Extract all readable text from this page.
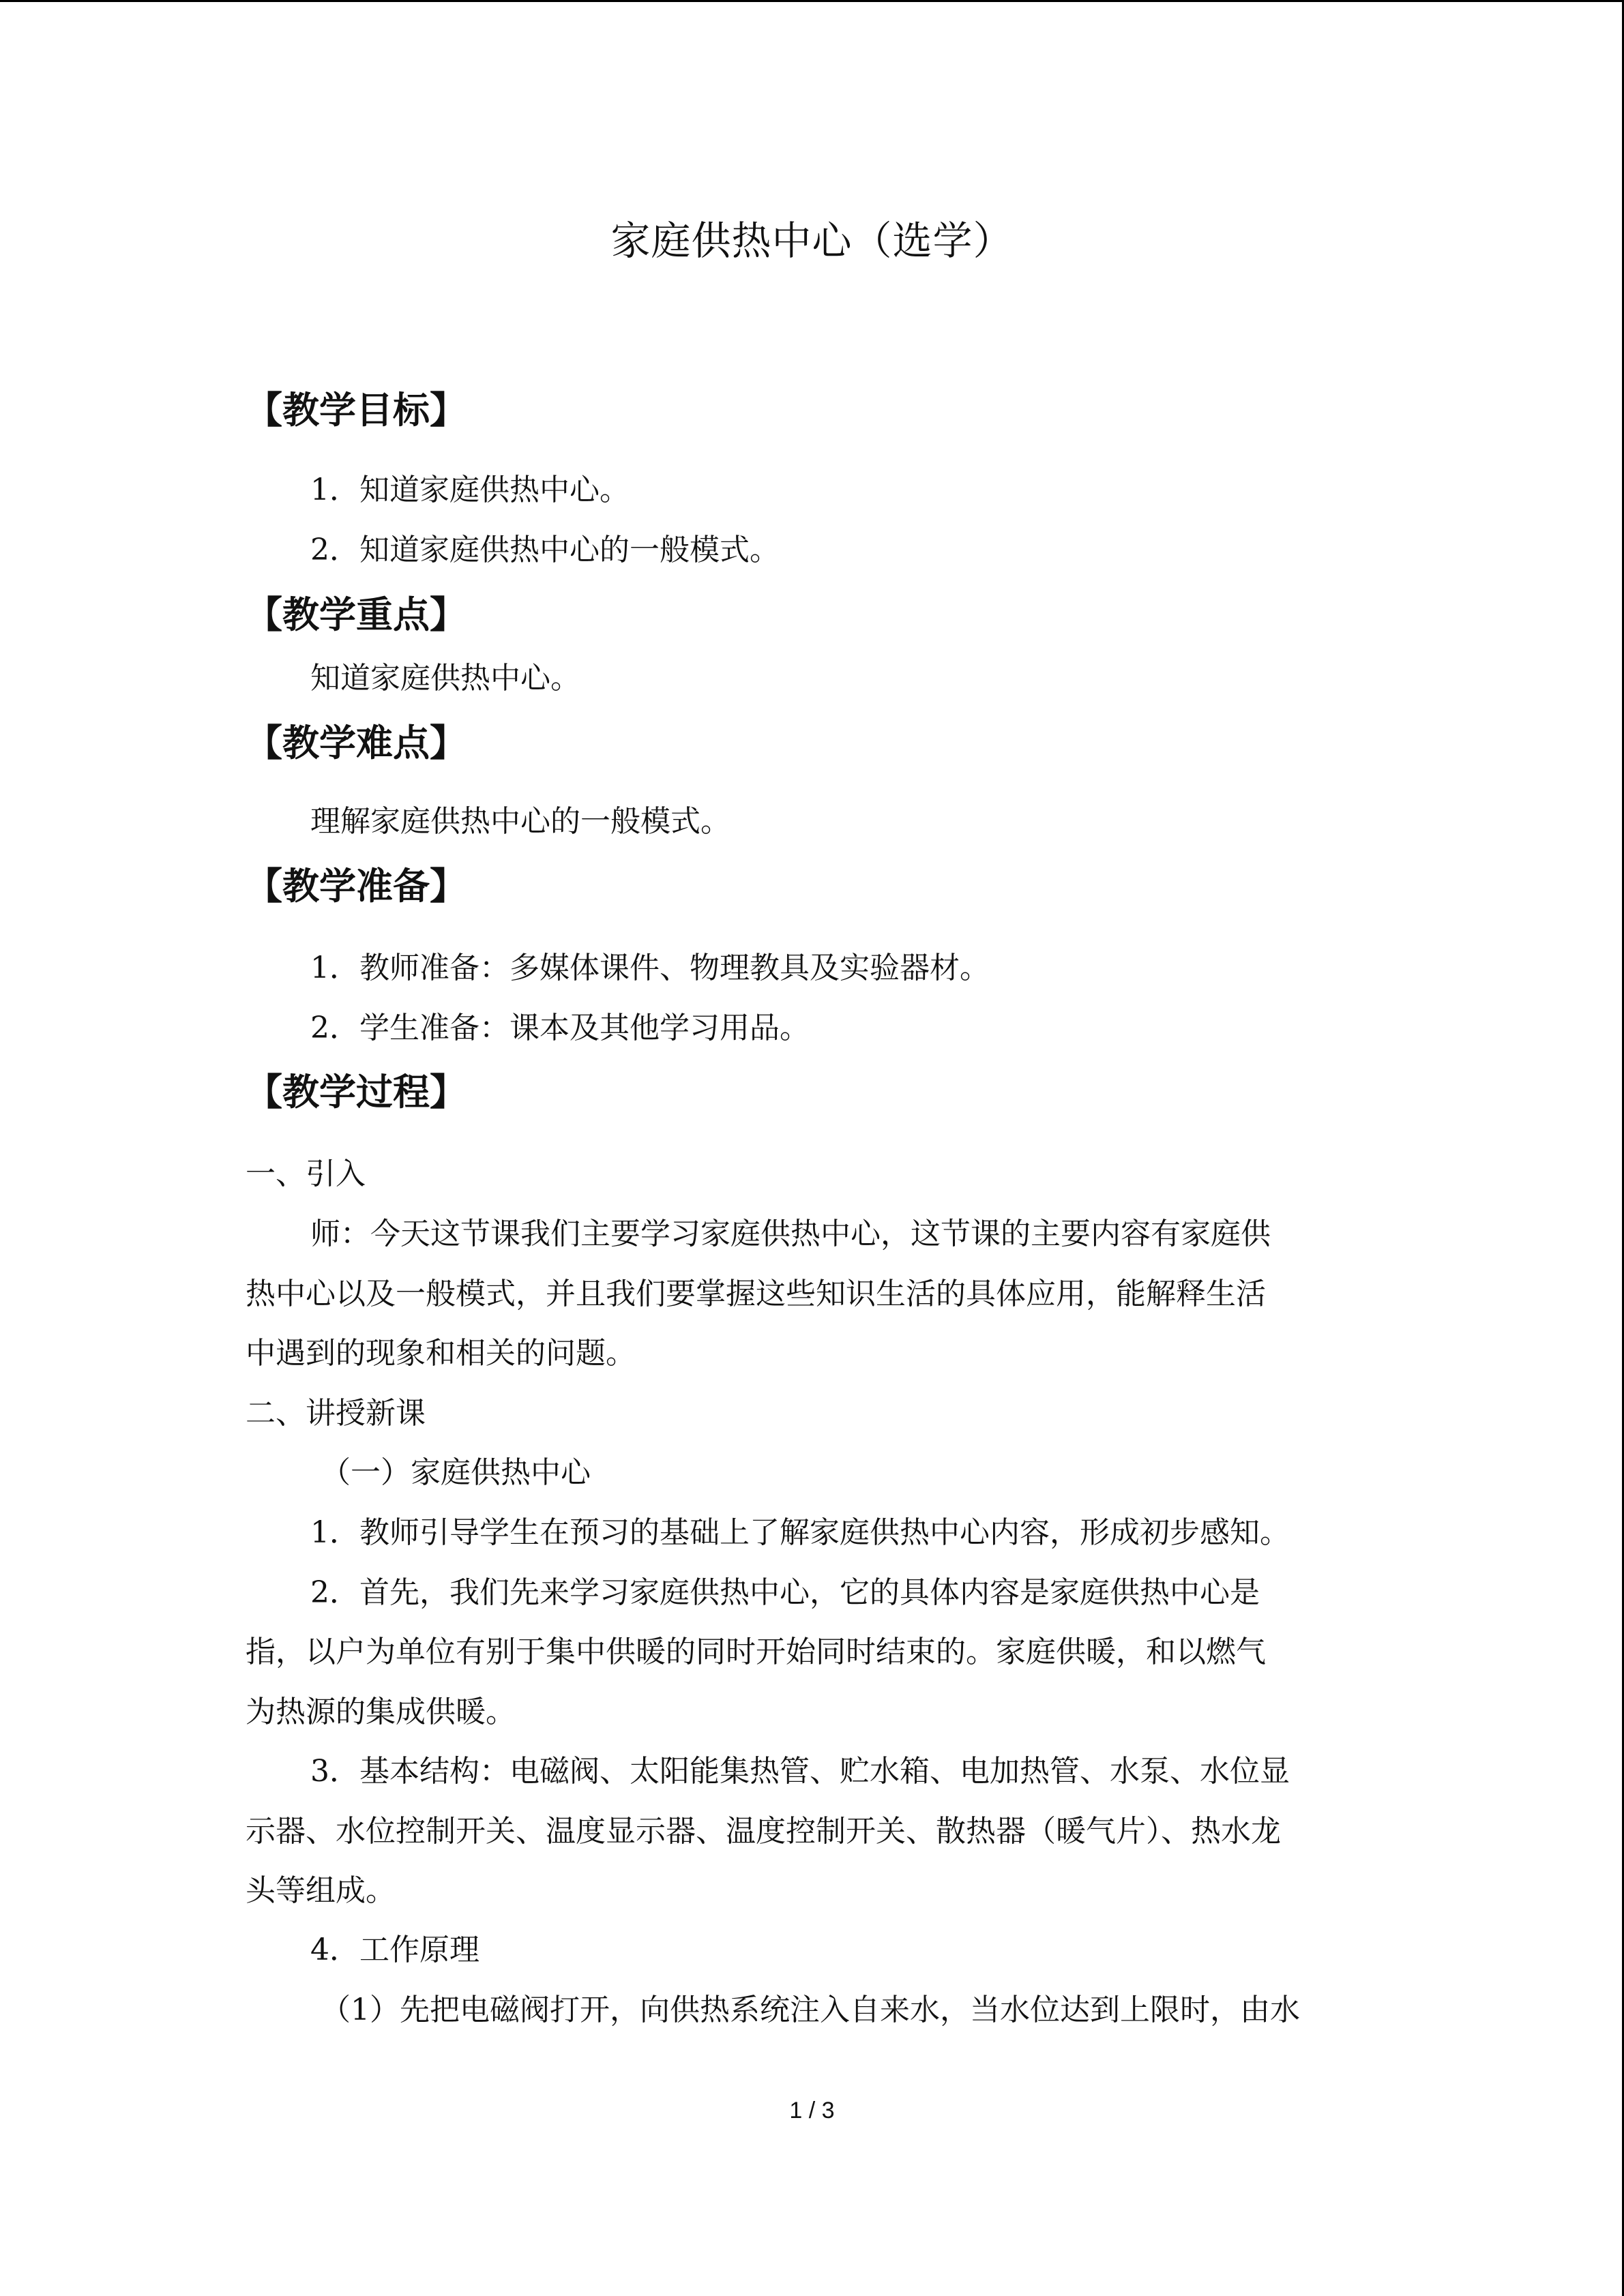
家庭供热中心（选学）
【教学目标】
1．知道家庭供热中心。
2．知道家庭供热中心的一般模式。
【教学重点】
知道家庭供热中心。
【教学难点】
理解家庭供热中心的一般模式。
【教学准备】
1．教师准备：多媒体课件、物理教具及实验器材。
2．学生准备：课本及其他学习用品。
【教学过程】
一、引入
师：今天这节课我们主要学习家庭供热中心，这节课的主要内容有家庭供
热中心以及一般模式，并且我们要掌握这些知识生活的具体应用，能解释生活
中遇到的现象和相关的问题。
二、讲授新课
（一）家庭供热中心
1．教师引导学生在预习的基础上了解家庭供热中心内容，形成初步感知。
2．首先，我们先来学习家庭供热中心，它的具体内容是家庭供热中心是
指，以户为单位有别于集中供暖的同时开始同时结束的。家庭供暖，和以燃气
为热源的集成供暖。
3．基本结构：电磁阀、太阳能集热管、贮水箱、电加热管、水泵、水位显
示器、水位控制开关、温度显示器、温度控制开关、散热器（暖气片）、热水龙
头等组成。
4．工作原理
（1）先把电磁阀打开，向供热系统注入自来水，当水位达到上限时，由水
1 / 3
